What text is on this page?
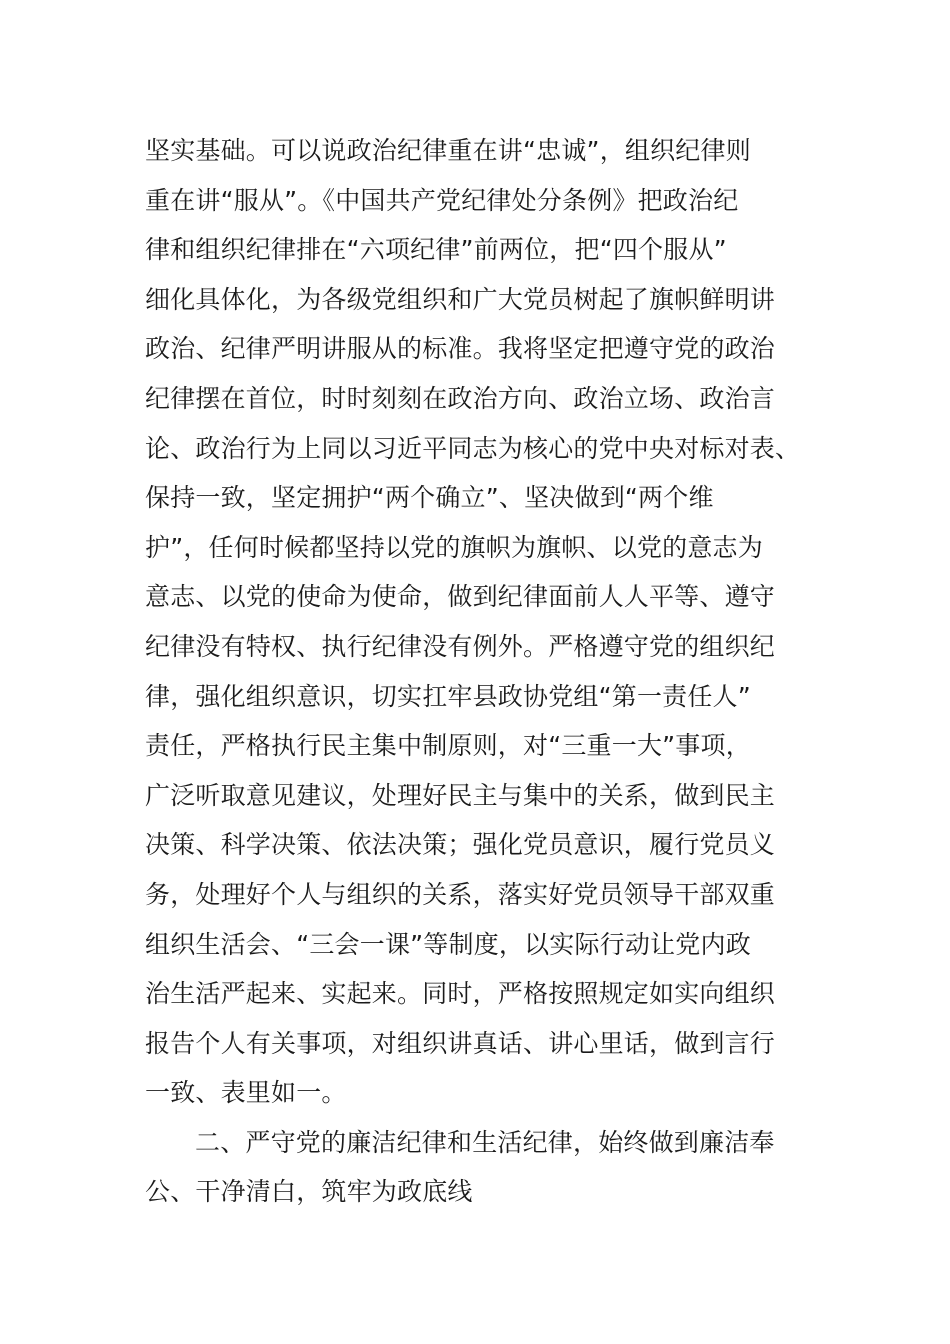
坚实基础。可以说政治纪律重在讲“忠诚”，组织纪律则
重在讲“服从”。《中国共产党纪律处分条例》把政治纪
律和组织纪律排在“六项纪律”前两位，把“四个服从”
细化具体化，为各级党组织和广大党员树起了旗帜鲜明讲
政治、纪律严明讲服从的标准。我将坚定把遵守党的政治
纪律摆在首位，时时刻刻在政治方向、政治立场、政治言
论、政治行为上同以习近平同志为核心的党中央对标对表、
保持一致，坚定拥护“两个确立”、坚决做到“两个维
护”，任何时候都坚持以党的旗帜为旗帜、以党的意志为
意志、以党的使命为使命，做到纪律面前人人平等、遵守
纪律没有特权、执行纪律没有例外。严格遵守党的组织纪
律，强化组织意识，切实扛牢县政协党组“第一责任人”
责任，严格执行民主集中制原则，对“三重一大”事项，
广泛听取意见建议，处理好民主与集中的关系，做到民主
决策、科学决策、依法决策；强化党员意识，履行党员义
务，处理好个人与组织的关系，落实好党员领导干部双重
组织生活会、“三会一课”等制度，以实际行动让党内政
治生活严起来、实起来。同时，严格按照规定如实向组织
报告个人有关事项，对组织讲真话、讲心里话，做到言行
一致、表里如一。
二、严守党的廉洁纪律和生活纪律，始终做到廉洁奉
公、干净清白，筑牢为政底线
